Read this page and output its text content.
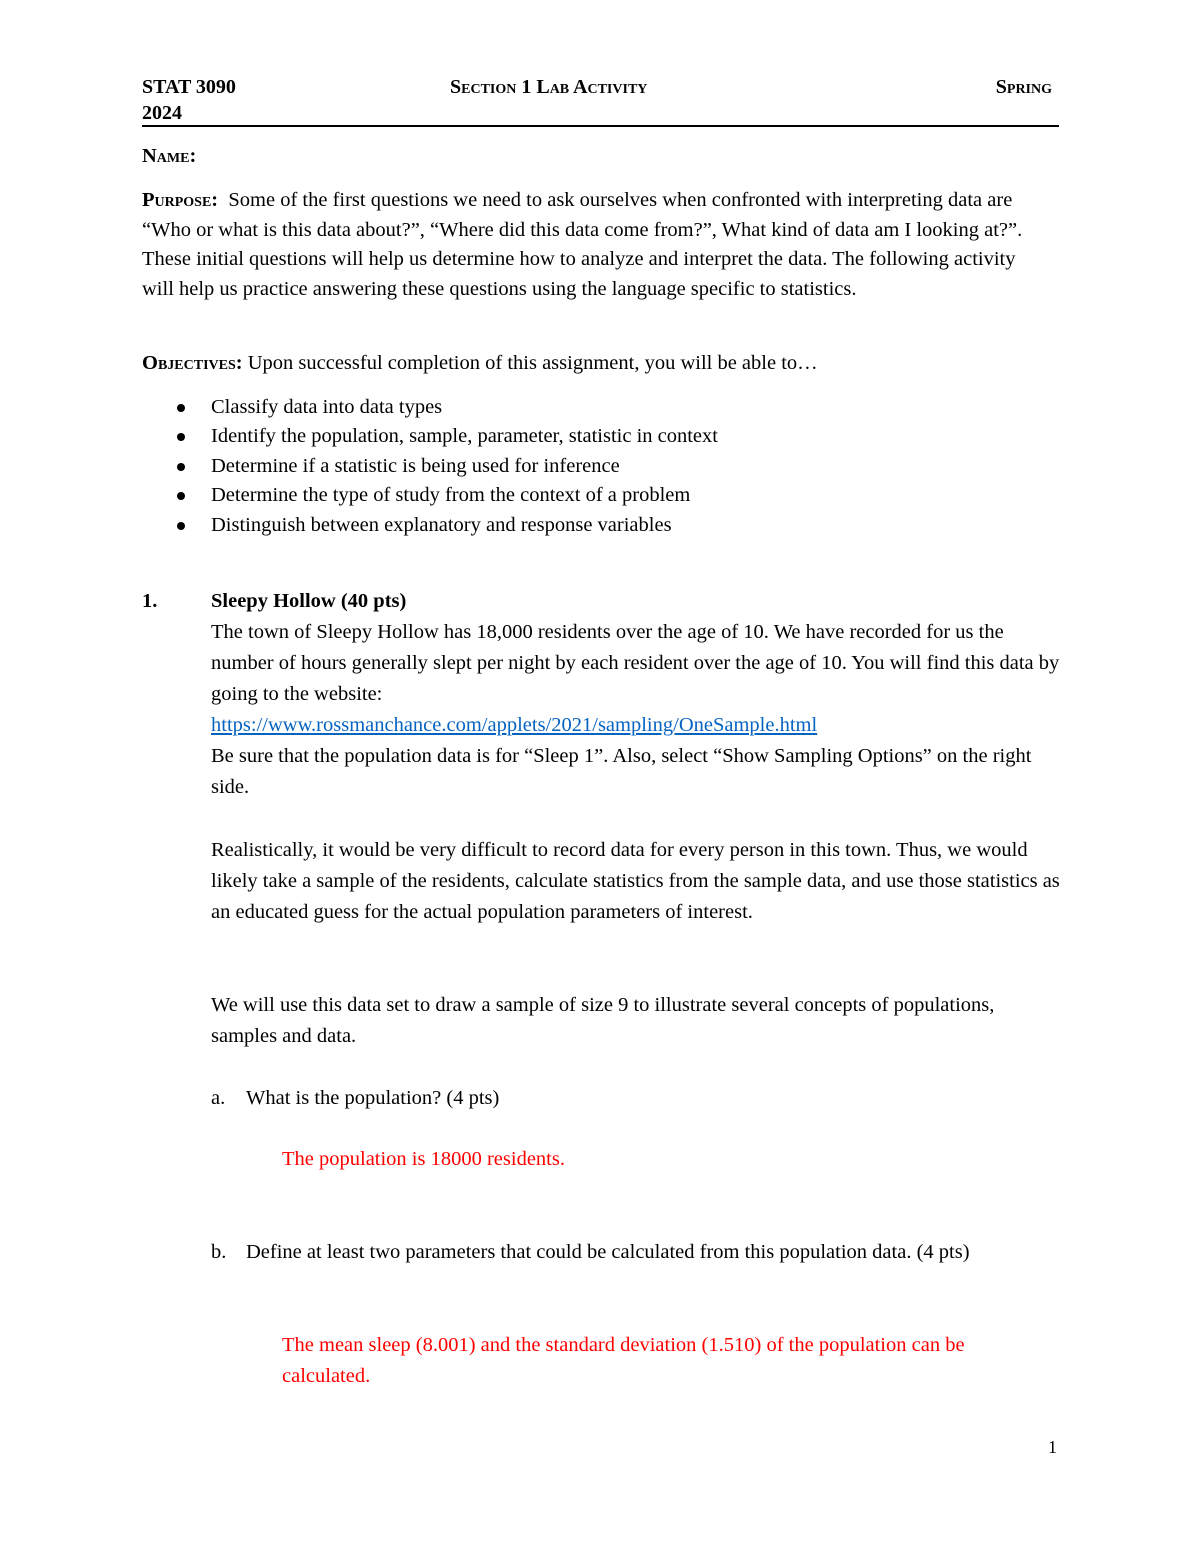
STAT 3090
2024
Section 1 Lab Activity	Spring
Name:
Purpose: Some of the first questions we need to ask ourselves when confronted with interpreting data are “Who or what is this data about?”, “Where did this data come from?”, What kind of data am I looking at?”. These initial questions will help us determine how to analyze and interpret the data. The following activity will help us practice answering these questions using the language specific to statistics.
Objectives: Upon successful completion of this assignment, you will be able to…
Classify data into data types
Identify the population, sample, parameter, statistic in context
Determine if a statistic is being used for inference
Determine the type of study from the context of a problem
Distinguish between explanatory and response variables
1.	Sleepy Hollow (40 pts)
The town of Sleepy Hollow has 18,000 residents over the age of 10. We have recorded for us the number of hours generally slept per night by each resident over the age of 10. You will find this data by going to the website:
https://www.rossmanchance.com/applets/2021/sampling/OneSample.html
Be sure that the population data is for “Sleep 1”. Also, select “Show Sampling Options” on the right side.
Realistically, it would be very difficult to record data for every person in this town. Thus, we would likely take a sample of the residents, calculate statistics from the sample data, and use those statistics as an educated guess for the actual population parameters of interest.
We will use this data set to draw a sample of size 9 to illustrate several concepts of populations, samples and data.
a. What is the population? (4 pts)
The population is 18000 residents.
b. Define at least two parameters that could be calculated from this population data. (4 pts)
The mean sleep (8.001) and the standard deviation (1.510) of the population can be calculated.
1
